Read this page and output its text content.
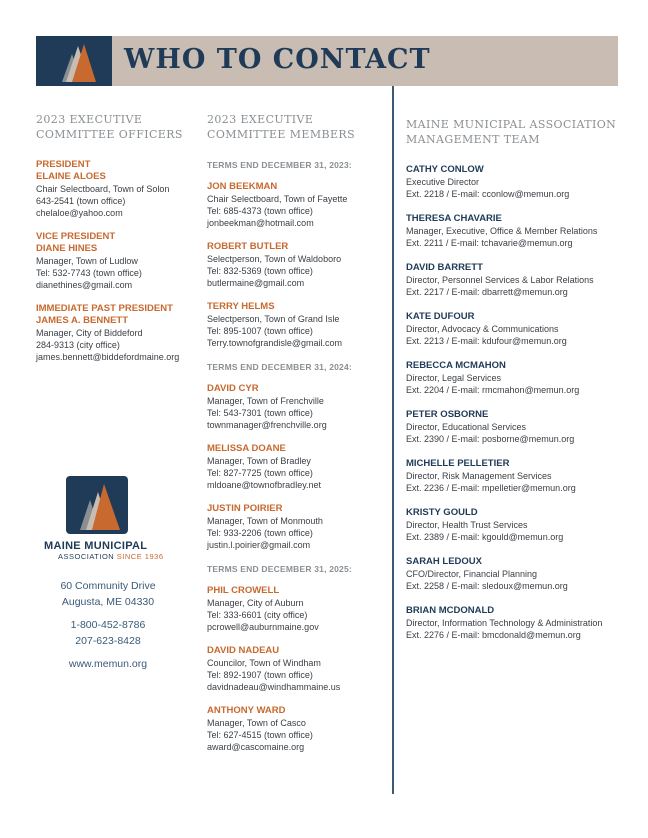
WHO TO CONTACT
2023 EXECUTIVE
COMMITTEE OFFICERS
PRESIDENT
ELAINE ALOES
Chair Selectboard, Town of Solon
643-2541 (town office)
chelaloe@yahoo.com
VICE PRESIDENT
DIANE HINES
Manager, Town of Ludlow
Tel: 532-7743 (town office)
dianethines@gmail.com
IMMEDIATE PAST PRESIDENT
JAMES A. BENNETT
Manager, City of Biddeford
284-9313 (city office)
james.bennett@biddefordmaine.org
MAINE MUNICIPAL
ASSOCIATION SINCE 1936
60 Community Drive
Augusta, ME 04330
1-800-452-8786
207-623-8428
www.memun.org
2023 EXECUTIVE
COMMITTEE MEMBERS
TERMS END DECEMBER 31, 2023:
JON BEEKMAN
Chair Selectboard, Town of Fayette
Tel: 685-4373 (town office)
jonbeekman@hotmail.com
ROBERT BUTLER
Selectperson, Town of Waldoboro
Tel: 832-5369 (town office)
butlermaine@gmail.com
TERRY HELMS
Selectperson, Town of Grand Isle
Tel: 895-1007 (town office)
Terry.townofgrandisle@gmail.com
TERMS END DECEMBER 31, 2024:
DAVID CYR
Manager, Town of Frenchville
Tel: 543-7301 (town office)
townmanager@frenchville.org
MELISSA DOANE
Manager, Town of Bradley
Tel: 827-7725 (town office)
mldoane@townofbradley.net
JUSTIN POIRIER
Manager, Town of Monmouth
Tel: 933-2206 (town office)
justin.l.poirier@gmail.com
TERMS END DECEMBER 31, 2025:
PHIL CROWELL
Manager, City of Auburn
Tel: 333-6601 (city office)
pcrowell@auburnmaine.gov
DAVID NADEAU
Councilor, Town of Windham
Tel: 892-1907 (town office)
davidnadeau@windhammaine.us
ANTHONY WARD
Manager, Town of Casco
Tel: 627-4515 (town office)
award@cascomaine.org
MAINE MUNICIPAL ASSOCIATION
MANAGEMENT TEAM
CATHY CONLOW
Executive Director
Ext. 2218 / E-mail: cconlow@memun.org
THERESA CHAVARIE
Manager, Executive, Office & Member Relations
Ext. 2211 / E-mail: tchavarie@memun.org
DAVID BARRETT
Director, Personnel Services & Labor Relations
Ext. 2217 / E-mail: dbarrett@memun.org
KATE DUFOUR
Director, Advocacy & Communications
Ext. 2213 / E-mail: kdufour@memun.org
REBECCA MCMAHON
Director, Legal Services
Ext. 2204 / E-mail: rmcmahon@memun.org
PETER OSBORNE
Director, Educational Services
Ext. 2390 / E-mail: posborne@memun.org
MICHELLE PELLETIER
Director, Risk Management Services
Ext. 2236 / E-mail: mpelletier@memun.org
KRISTY GOULD
Director, Health Trust Services
Ext. 2389 / E-mail: kgould@memun.org
SARAH LEDOUX
CFO/Director, Financial Planning
Ext. 2258 / E-mail: sledoux@memun.org
BRIAN MCDONALD
Director, Information Technology & Administration
Ext. 2276 / E-mail: bmcdonald@memun.org
